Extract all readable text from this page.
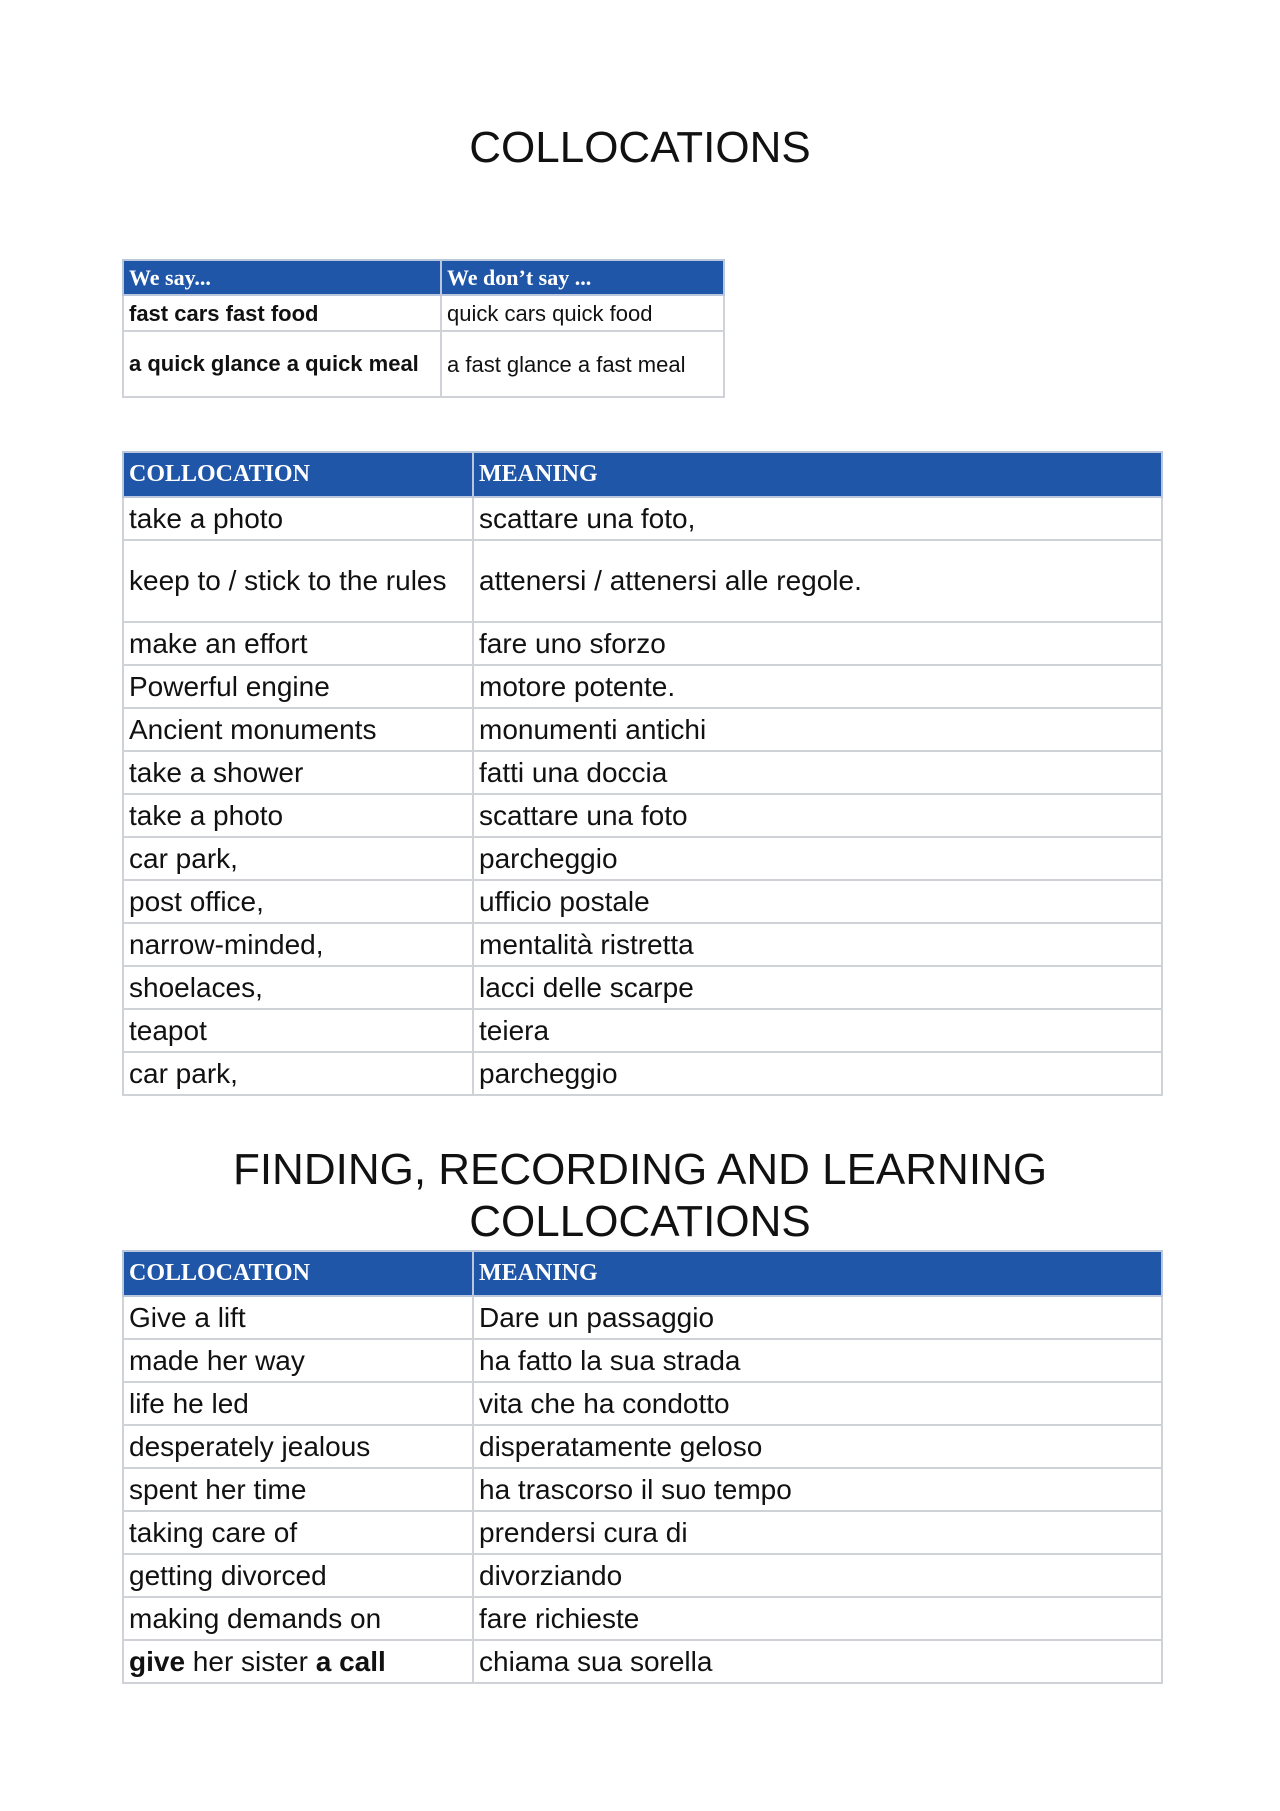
COLLOCATIONS
We say...	We don’t say ...
fast cars fast food	quick cars quick food
a quick glance a quick meal	a fast glance a fast meal
COLLOCATION	MEANING
take a photo	scattare una foto,
keep to / stick to the rules	attenersi / attenersi alle regole.
make an effort	fare uno sforzo
Powerful engine	motore potente.
Ancient monuments	monumenti antichi
take a shower	fatti una doccia
take a photo	scattare una foto
car park,	parcheggio
post office,	ufficio postale
narrow-minded,	mentalità ristretta
shoelaces,	lacci delle scarpe
teapot	teiera
car park,	parcheggio
FINDING, RECORDING AND LEARNING COLLOCATIONS
COLLOCATION	MEANING
Give a lift	Dare un passaggio
made her way	ha fatto la sua strada
life he led	vita che ha condotto
desperately jealous	disperatamente geloso
spent her time	ha trascorso il suo tempo
taking care of	prendersi cura di
getting divorced	divorziando
making demands on	fare richieste
give her sister a call	chiama sua sorella
